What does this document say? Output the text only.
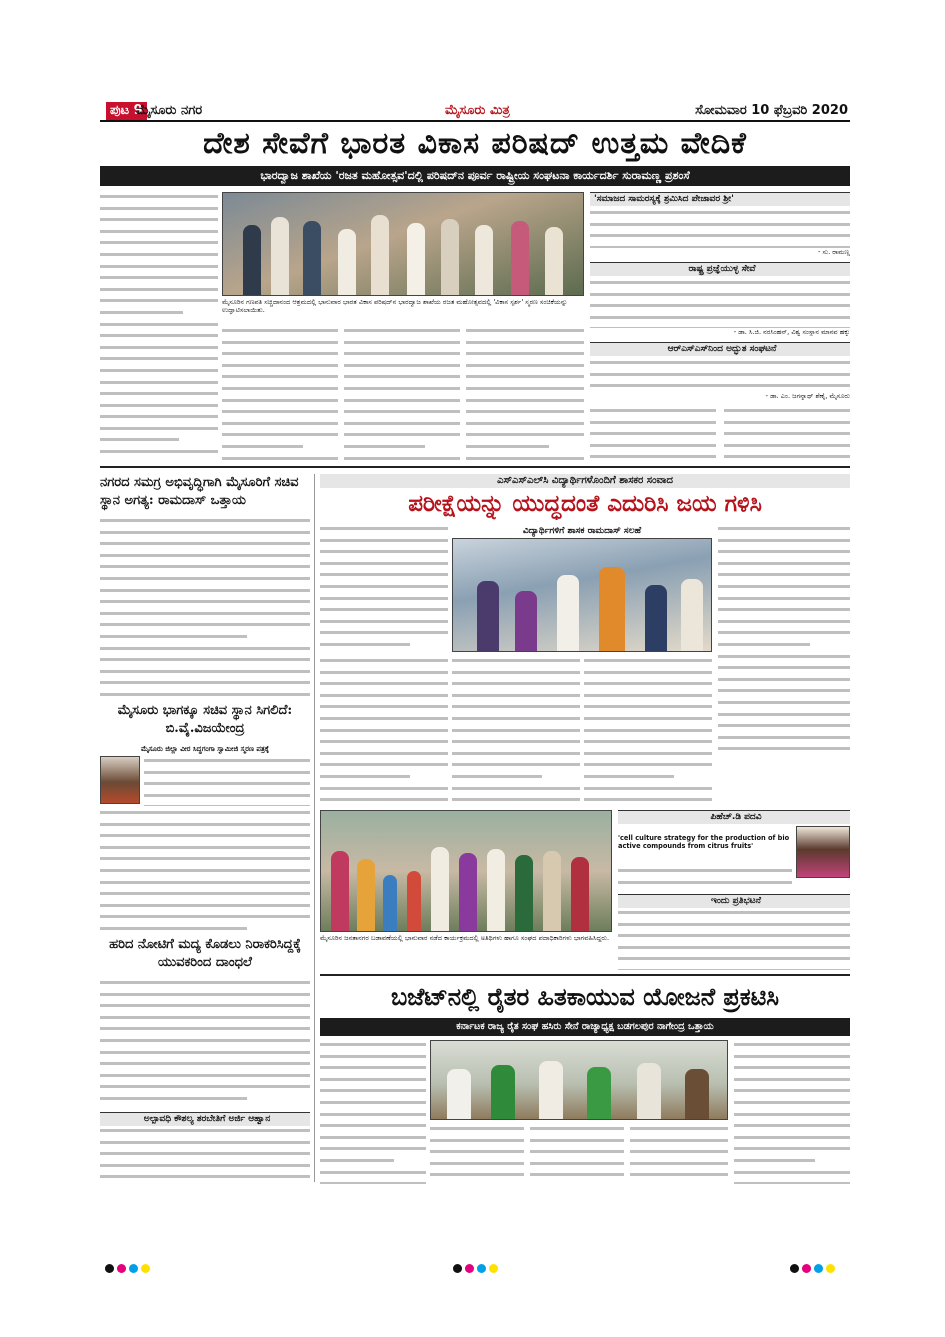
ಪುಟ 9
ಮೈಸೂರು ನಗರ	ಮೈಸೂರು ಮಿತ್ರ	ಸೋಮವಾರ 10 ಫೆಬ್ರವರಿ 2020
ದೇಶ ಸೇವೆಗೆ ಭಾರತ ವಿಕಾಸ ಪರಿಷದ್ ಉತ್ತಮ ವೇದಿಕೆ
ಭಾರದ್ವಾಜ ಶಾಖೆಯ 'ರಜತ ಮಹೋತ್ಸವ'ದಲ್ಲಿ ಪರಿಷದ್‌ನ ಪೂರ್ವ ರಾಷ್ಟ್ರೀಯ ಸಂಘಟನಾ ಕಾರ್ಯದರ್ಶಿ ಸುರಾಮಣ್ಣ ಪ್ರಶಂಸೆ
ಮೈಸೂರಿನ ಗಣಪತಿ ಸಚ್ಚಿದಾನಂದ ಆಶ್ರಮದಲ್ಲಿ ಭಾನುವಾರ ಭಾರತ ವಿಕಾಸ ಪರಿಷದ್‌ನ ಭಾರದ್ವಾಜ ಶಾಖೆಯ ರಜತ ಮಹೋತ್ಸವದಲ್ಲಿ 'ವಿಕಾಸ ಸ್ಪರ್ಶ' ಸ್ಮರಣ ಸಂಚಿಕೆಯನ್ನು ಉದ್ಘಾಟಿಸಲಾಯಿತು.
'ಸಮಾಜದ ಸಾಮರಸ್ಯಕ್ಕೆ ಶ್ರಮಿಸಿದ ಪೇಜಾವರ ಶ್ರೀ'
- ಸು. ರಾಮಣ್ಣ
ರಾಷ್ಟ್ರ ಪ್ರಜ್ಞೆಯುಳ್ಳ ಸೇವೆ
- ಡಾ. ಸಿ.ಜಿ. ನರಸಿಂಹನ್, ವಿಶ್ವ ಸಂಸ್ಥಾನ ಮಾನವ ಹಕ್ಕು
ಆರ್‌ಎಸ್‌ಎಸ್‌ನಿಂದ ಅದ್ಭುತ ಸಂಘಟನೆ
- ಡಾ. ಎಂ. ಜಗನ್ನಾಥ್ ಶೆಣೈ, ಮೈಸೂರು
ನಗರದ ಸಮಗ್ರ ಅಭಿವೃದ್ಧಿಗಾಗಿ ಮೈಸೂರಿಗೆ ಸಚಿವ ಸ್ಥಾನ ಅಗತ್ಯ: ರಾಮದಾಸ್ ಒತ್ತಾಯ
ಮೈಸೂರು ಭಾಗಕ್ಕೂ ಸಚಿವ ಸ್ಥಾನ ಸಿಗಲಿದೆ: ಬಿ.ವೈ.ವಿಜಯೇಂದ್ರ
ಮೈಸೂರು ಜಿಲ್ಲಾ ವೀರ ಸಿದ್ಧಗಂಗಾ ಸ್ವಾಮೀಜಿ ಸ್ಮರಣ ಪತ್ರಕ್ಕೆ
ಹರಿದ ನೋಟಿಗೆ ಮದ್ಯ ಕೊಡಲು ನಿರಾಕರಿಸಿದ್ದಕ್ಕೆ ಯುವಕರಿಂದ ದಾಂಧಲೆ
ಅಲ್ಪಾವಧಿ ಕೌಶಲ್ಯ ತರಬೇತಿಗೆ ಅರ್ಜಿ ಆಹ್ವಾನ
ಎಸ್‌ಎಸ್‌ಎಲ್‌ಸಿ ವಿದ್ಯಾರ್ಥಿಗಳೊಂದಿಗೆ ಶಾಸಕರ ಸಂವಾದ
ಪರೀಕ್ಷೆಯನ್ನು ಯುದ್ಧದಂತೆ ಎದುರಿಸಿ ಜಯ ಗಳಿಸಿ
ವಿದ್ಯಾರ್ಥಿಗಳಿಗೆ ಶಾಸಕ ರಾಮದಾಸ್ ಸಲಹೆ
ಮೈಸೂರಿನ ಜನತಾನಗರ ಬಡಾವಣೆಯಲ್ಲಿ ಭಾನುವಾರ ನಡೆದ ಕಾರ್ಯಕ್ರಮದಲ್ಲಿ ಅತಿಥಿಗಳು ಹಾಗೂ ಸಂಘದ ಪದಾಧಿಕಾರಿಗಳು ಭಾಗವಹಿಸಿದ್ದರು.
ಪಿಹೆಚ್.ಡಿ ಪದವಿ
'cell culture strategy for the production of bio active compounds from citrus fruits'
ಇಂದು ಪ್ರತಿಭಟನೆ
ಬಜೆಟ್‌ನಲ್ಲಿ ರೈತರ ಹಿತಕಾಯುವ ಯೋಜನೆ ಪ್ರಕಟಿಸಿ
ಕರ್ನಾಟಕ ರಾಜ್ಯ ರೈತ ಸಂಘ ಹಸಿರು ಸೇನೆ ರಾಜ್ಯಾಧ್ಯಕ್ಷ ಬಡಗಲಪುರ ನಾಗೇಂದ್ರ ಒತ್ತಾಯ
